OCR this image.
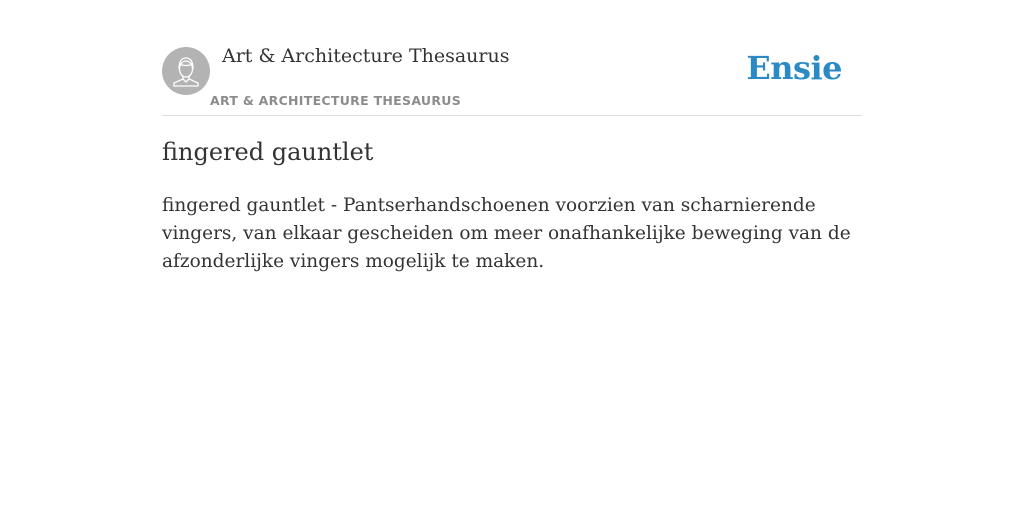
Art & Architecture Thesaurus
ART & ARCHITECTURE THESAURUS
Ensie
fingered gauntlet

fingered gauntlet - Pantserhandschoenen voorzien van scharnierende vingers, van elkaar gescheiden om meer onafhankelijke beweging van de afzonderlijke vingers mogelijk te maken.
